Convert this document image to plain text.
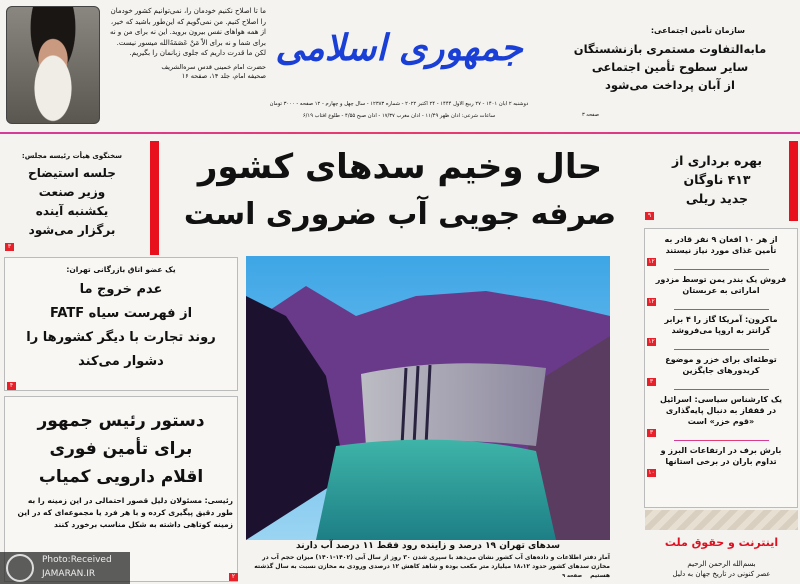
ما تا اصلاح نکنیم خودمان را، نمی‌توانیم کشور خودمان را اصلاح کنیم. من نمی‌گویم که این‌طور باشید که خیر، از همه هواهای نفس بیرون بروید. این نه برای من و نه برای شما و نه برای الاّ مَنْ عَصَمَهُ‌الله میسور نیست. لکن ما قدرت داریم که جلوی زبانمان را بگیریم.
حضرت امام خمینی قدس سره‌الشریف
صحیفه امام، جلد ۱۴، صفحه ۱۶
جمهوری اسلامی
دوشنبه ۲ آبان ۱۴۰۱ - ۲۷ ربیع الاول ۱۴۴۴ - ۲۴ اکتبر ۲۰۲۲ - شماره ۱۲۳۸۳ - سال چهل و چهارم - ۱۲ صفحه - ۳۰۰۰ تومان
ساعات شرعی: اذان ظهر ۱۱/۴۹ - اذان مغرب ۱۷/۳۷ - اذان صبح ۴/۵۵ - طلوع آفتاب ۶/۱۹
سازمان تأمین اجتماعی:
مابه‌التفاوت مستمری بازنشستگان
سایر سطوح تأمین اجتماعی
از آبان پرداخت می‌شود
صفحه ۳
سخنگوی هیأت رئیسه مجلس:
جلسه استیضاح
وزیر صنعت
یکشنبه آینده
برگزار می‌شود
۳
حال وخیم سدهای کشور
صرفه جویی آب ضروری است
بهره برداری از
۴۱۳ ناوگان
جدید ریلی
۹
یک عضو اتاق بازرگانی تهران:
عدم خروج ما
از فهرست سیاه FATF
روند تجارت با دیگر کشورها را
دشوار می‌کند
۴
دستور رئیس جمهور
برای تأمین فوری
اقلام دارویی کمیاب
رئیسی: مسئولان دلیل قصور احتمالی در این زمینه را به طور دقیق پیگیری کرده و با هر فرد یا مجموعه‌ای که در این زمینه کوتاهی داشته به شکل مناسب برخورد کنند
۲
Photo:Received
JAMARAN.IR
سدهای تهران ۱۹ درصد و زاینده رود فقط ۱۱ درصد آب دارند
آمار دفتر اطلاعات و داده‌های آب کشور نشان می‌دهد با سپری شدن ۳۰ روز از سال آبی (۱۴۰۲-۱۴۰۱) میزان حجم آب در مخازن سدهای کشور حدود ۱۸،۱۲ میلیارد متر مکعب بوده و شاهد کاهش ۱۲ درصدی ورودی به مخازن نسبت به سال گذشته هستیم صفحه ۹
از هر ۱۰ افغان ۹ نفر قادر به تأمین غذای مورد نیاز نیستند
۱۲
فروش یک بندر یمن توسط مزدور اماراتی به عربستان
۱۲
ماکرون: آمریکا گاز را ۴ برابر گرانتر به اروپا می‌فروشد
۱۲
توطئه‌ای برای خزر و موضوع کریدورهای جایگزین
۳
یک کارشناس سیاسی: اسرائیل در قفقاز به دنبال پایه‌گذاری «قوم خزر» است
۳
بارش برف در ارتفاعات البرز و تداوم باران در برخی استانها
۱۰
اینترنت و حقوق ملت
بسم‌الله الرحمن الرحیم
عصر کنونی در تاریخ جهان به دلیل
